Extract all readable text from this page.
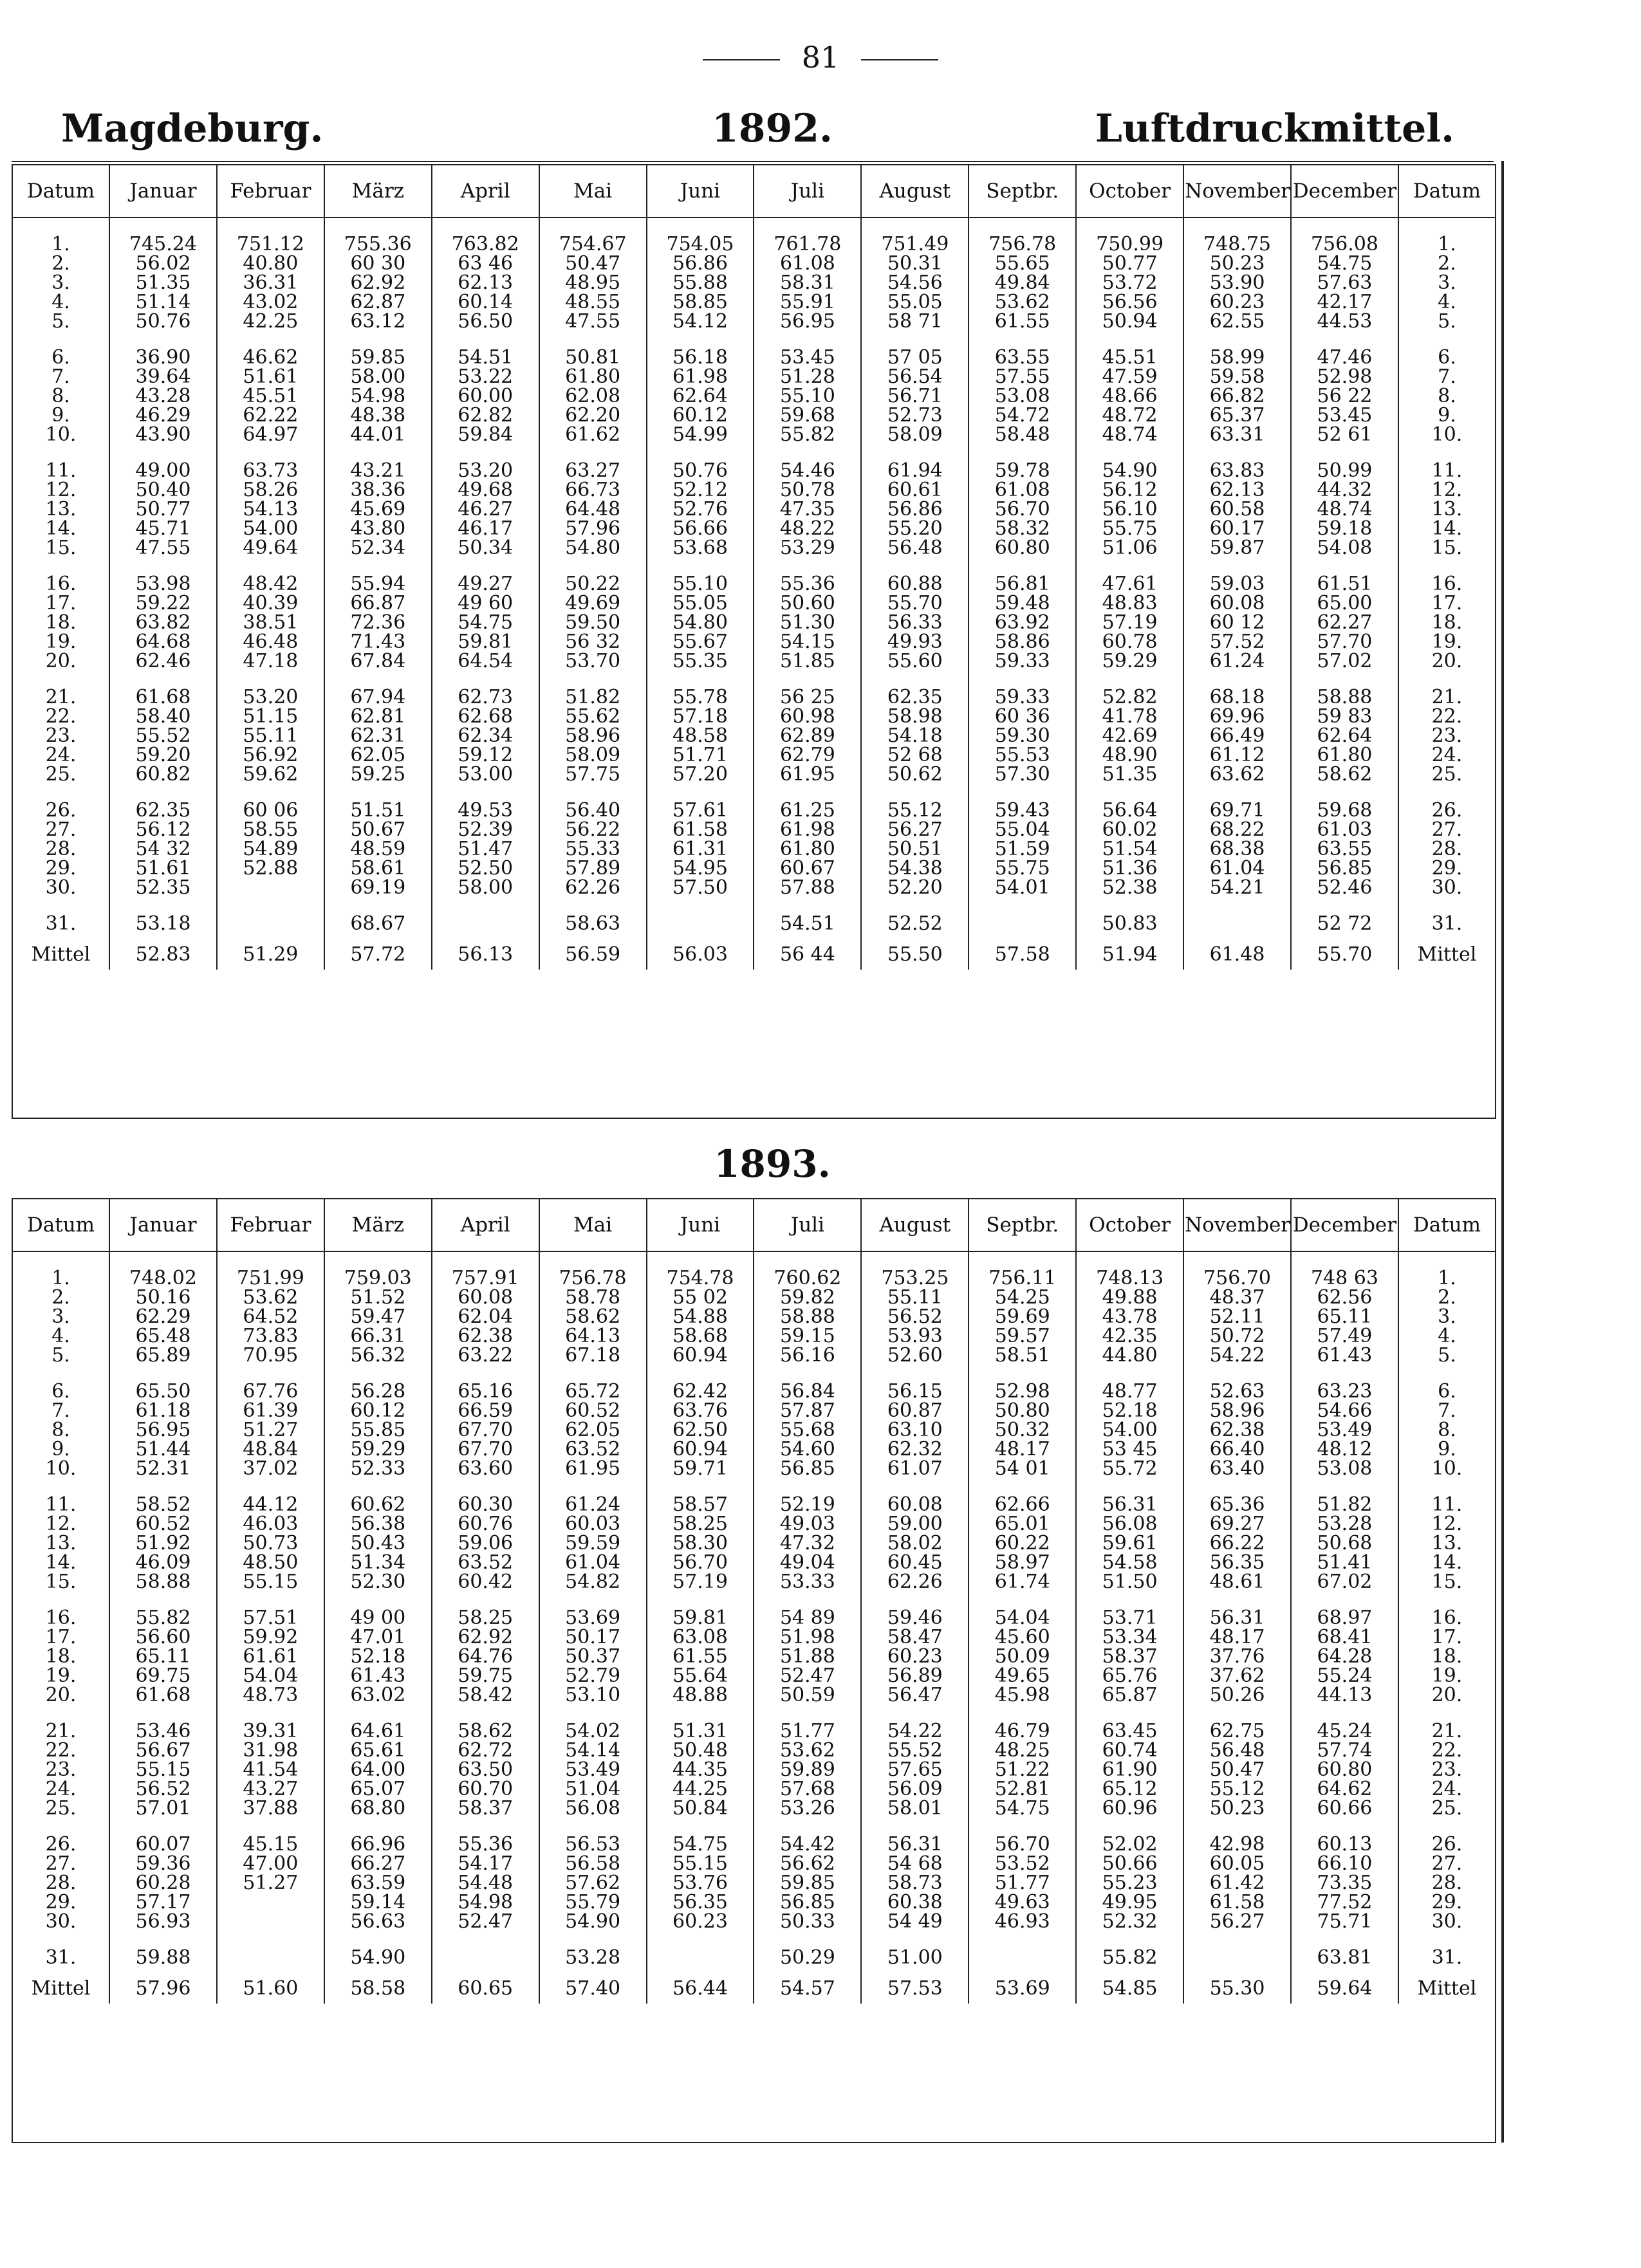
81
Magdeburg.	1892.	Luftdruckmittel.
Datum	Januar	Februar	März	April	Mai	Juni	Juli	August	Septbr.	October	November	December	Datum

1.	745.24	751.12	755.36	763.82	754.67	754.05	761.78	751.49	756.78	750.99	748.75	756.08	1.
2.	56.02	40.80	60 30	63 46	50.47	56.86	61.08	50.31	55.65	50.77	50.23	54.75	2.
3.	51.35	36.31	62.92	62.13	48.95	55.88	58.31	54.56	49.84	53.72	53.90	57.63	3.
4.	51.14	43.02	62.87	60.14	48.55	58.85	55.91	55.05	53.62	56.56	60.23	42.17	4.
5.	50.76	42.25	63.12	56.50	47.55	54.12	56.95	58 71	61.55	50.94	62.55	44.53	5.

6.	36.90	46.62	59.85	54.51	50.81	56.18	53.45	57 05	63.55	45.51	58.99	47.46	6.
7.	39.64	51.61	58.00	53.22	61.80	61.98	51.28	56.54	57.55	47.59	59.58	52.98	7.
8.	43.28	45.51	54.98	60.00	62.08	62.64	55.10	56.71	53.08	48.66	66.82	56 22	8.
9.	46.29	62.22	48.38	62.82	62.20	60.12	59.68	52.73	54.72	48.72	65.37	53.45	9.
10.	43.90	64.97	44.01	59.84	61.62	54.99	55.82	58.09	58.48	48.74	63.31	52 61	10.

11.	49.00	63.73	43.21	53.20	63.27	50.76	54.46	61.94	59.78	54.90	63.83	50.99	11.
12.	50.40	58.26	38.36	49.68	66.73	52.12	50.78	60.61	61.08	56.12	62.13	44.32	12.
13.	50.77	54.13	45.69	46.27	64.48	52.76	47.35	56.86	56.70	56.10	60.58	48.74	13.
14.	45.71	54.00	43.80	46.17	57.96	56.66	48.22	55.20	58.32	55.75	60.17	59.18	14.
15.	47.55	49.64	52.34	50.34	54.80	53.68	53.29	56.48	60.80	51.06	59.87	54.08	15.

16.	53.98	48.42	55.94	49.27	50.22	55.10	55.36	60.88	56.81	47.61	59.03	61.51	16.
17.	59.22	40.39	66.87	49 60	49.69	55.05	50.60	55.70	59.48	48.83	60.08	65.00	17.
18.	63.82	38.51	72.36	54.75	59.50	54.80	51.30	56.33	63.92	57.19	60 12	62.27	18.
19.	64.68	46.48	71.43	59.81	56 32	55.67	54.15	49.93	58.86	60.78	57.52	57.70	19.
20.	62.46	47.18	67.84	64.54	53.70	55.35	51.85	55.60	59.33	59.29	61.24	57.02	20.

21.	61.68	53.20	67.94	62.73	51.82	55.78	56 25	62.35	59.33	52.82	68.18	58.88	21.
22.	58.40	51.15	62.81	62.68	55.62	57.18	60.98	58.98	60 36	41.78	69.96	59 83	22.
23.	55.52	55.11	62.31	62.34	58.96	48.58	62.89	54.18	59.30	42.69	66.49	62.64	23.
24.	59.20	56.92	62.05	59.12	58.09	51.71	62.79	52 68	55.53	48.90	61.12	61.80	24.
25.	60.82	59.62	59.25	53.00	57.75	57.20	61.95	50.62	57.30	51.35	63.62	58.62	25.

26.	62.35	60 06	51.51	49.53	56.40	57.61	61.25	55.12	59.43	56.64	69.71	59.68	26.
27.	56.12	58.55	50.67	52.39	56.22	61.58	61.98	56.27	55.04	60.02	68.22	61.03	27.
28.	54 32	54.89	48.59	51.47	55.33	61.31	61.80	50.51	51.59	51.54	68.38	63.55	28.
29.	51.61	52.88	58.61	52.50	57.89	54.95	60.67	54.38	55.75	51.36	61.04	56.85	29.
30.	52.35		69.19	58.00	62.26	57.50	57.88	52.20	54.01	52.38	54.21	52.46	30.

31.	53.18		68.67		58.63		54.51	52.52		50.83		52 72	31.
Mittel	52.83	51.29	57.72	56.13	56.59	56.03	56 44	55.50	57.58	51.94	61.48	55.70	Mittel
1893.
Datum	Januar	Februar	März	April	Mai	Juni	Juli	August	Septbr.	October	November	December	Datum

1.	748.02	751.99	759.03	757.91	756.78	754.78	760.62	753.25	756.11	748.13	756.70	748 63	1.
2.	50.16	53.62	51.52	60.08	58.78	55 02	59.82	55.11	54.25	49.88	48.37	62.56	2.
3.	62.29	64.52	59.47	62.04	58.62	54.88	58.88	56.52	59.69	43.78	52.11	65.11	3.
4.	65.48	73.83	66.31	62.38	64.13	58.68	59.15	53.93	59.57	42.35	50.72	57.49	4.
5.	65.89	70.95	56.32	63.22	67.18	60.94	56.16	52.60	58.51	44.80	54.22	61.43	5.

6.	65.50	67.76	56.28	65.16	65.72	62.42	56.84	56.15	52.98	48.77	52.63	63.23	6.
7.	61.18	61.39	60.12	66.59	60.52	63.76	57.87	60.87	50.80	52.18	58.96	54.66	7.
8.	56.95	51.27	55.85	67.70	62.05	62.50	55.68	63.10	50.32	54.00	62.38	53.49	8.
9.	51.44	48.84	59.29	67.70	63.52	60.94	54.60	62.32	48.17	53 45	66.40	48.12	9.
10.	52.31	37.02	52.33	63.60	61.95	59.71	56.85	61.07	54 01	55.72	63.40	53.08	10.

11.	58.52	44.12	60.62	60.30	61.24	58.57	52.19	60.08	62.66	56.31	65.36	51.82	11.
12.	60.52	46.03	56.38	60.76	60.03	58.25	49.03	59.00	65.01	56.08	69.27	53.28	12.
13.	51.92	50.73	50.43	59.06	59.59	58.30	47.32	58.02	60.22	59.61	66.22	50.68	13.
14.	46.09	48.50	51.34	63.52	61.04	56.70	49.04	60.45	58.97	54.58	56.35	51.41	14.
15.	58.88	55.15	52.30	60.42	54.82	57.19	53.33	62.26	61.74	51.50	48.61	67.02	15.

16.	55.82	57.51	49 00	58.25	53.69	59.81	54 89	59.46	54.04	53.71	56.31	68.97	16.
17.	56.60	59.92	47.01	62.92	50.17	63.08	51.98	58.47	45.60	53.34	48.17	68.41	17.
18.	65.11	61.61	52.18	64.76	50.37	61.55	51.88	60.23	50.09	58.37	37.76	64.28	18.
19.	69.75	54.04	61.43	59.75	52.79	55.64	52.47	56.89	49.65	65.76	37.62	55.24	19.
20.	61.68	48.73	63.02	58.42	53.10	48.88	50.59	56.47	45.98	65.87	50.26	44.13	20.

21.	53.46	39.31	64.61	58.62	54.02	51.31	51.77	54.22	46.79	63.45	62.75	45.24	21.
22.	56.67	31.98	65.61	62.72	54.14	50.48	53.62	55.52	48.25	60.74	56.48	57.74	22.
23.	55.15	41.54	64.00	63.50	53.49	44.35	59.89	57.65	51.22	61.90	50.47	60.80	23.
24.	56.52	43.27	65.07	60.70	51.04	44.25	57.68	56.09	52.81	65.12	55.12	64.62	24.
25.	57.01	37.88	68.80	58.37	56.08	50.84	53.26	58.01	54.75	60.96	50.23	60.66	25.

26.	60.07	45.15	66.96	55.36	56.53	54.75	54.42	56.31	56.70	52.02	42.98	60.13	26.
27.	59.36	47.00	66.27	54.17	56.58	55.15	56.62	54 68	53.52	50.66	60.05	66.10	27.
28.	60.28	51.27	63.59	54.48	57.62	53.76	59.85	58.73	51.77	55.23	61.42	73.35	28.
29.	57.17		59.14	54.98	55.79	56.35	56.85	60.38	49.63	49.95	61.58	77.52	29.
30.	56.93		56.63	52.47	54.90	60.23	50.33	54 49	46.93	52.32	56.27	75.71	30.

31.	59.88		54.90		53.28		50.29	51.00		55.82		63.81	31.
Mittel	57.96	51.60	58.58	60.65	57.40	56.44	54.57	57.53	53.69	54.85	55.30	59.64	Mittel
